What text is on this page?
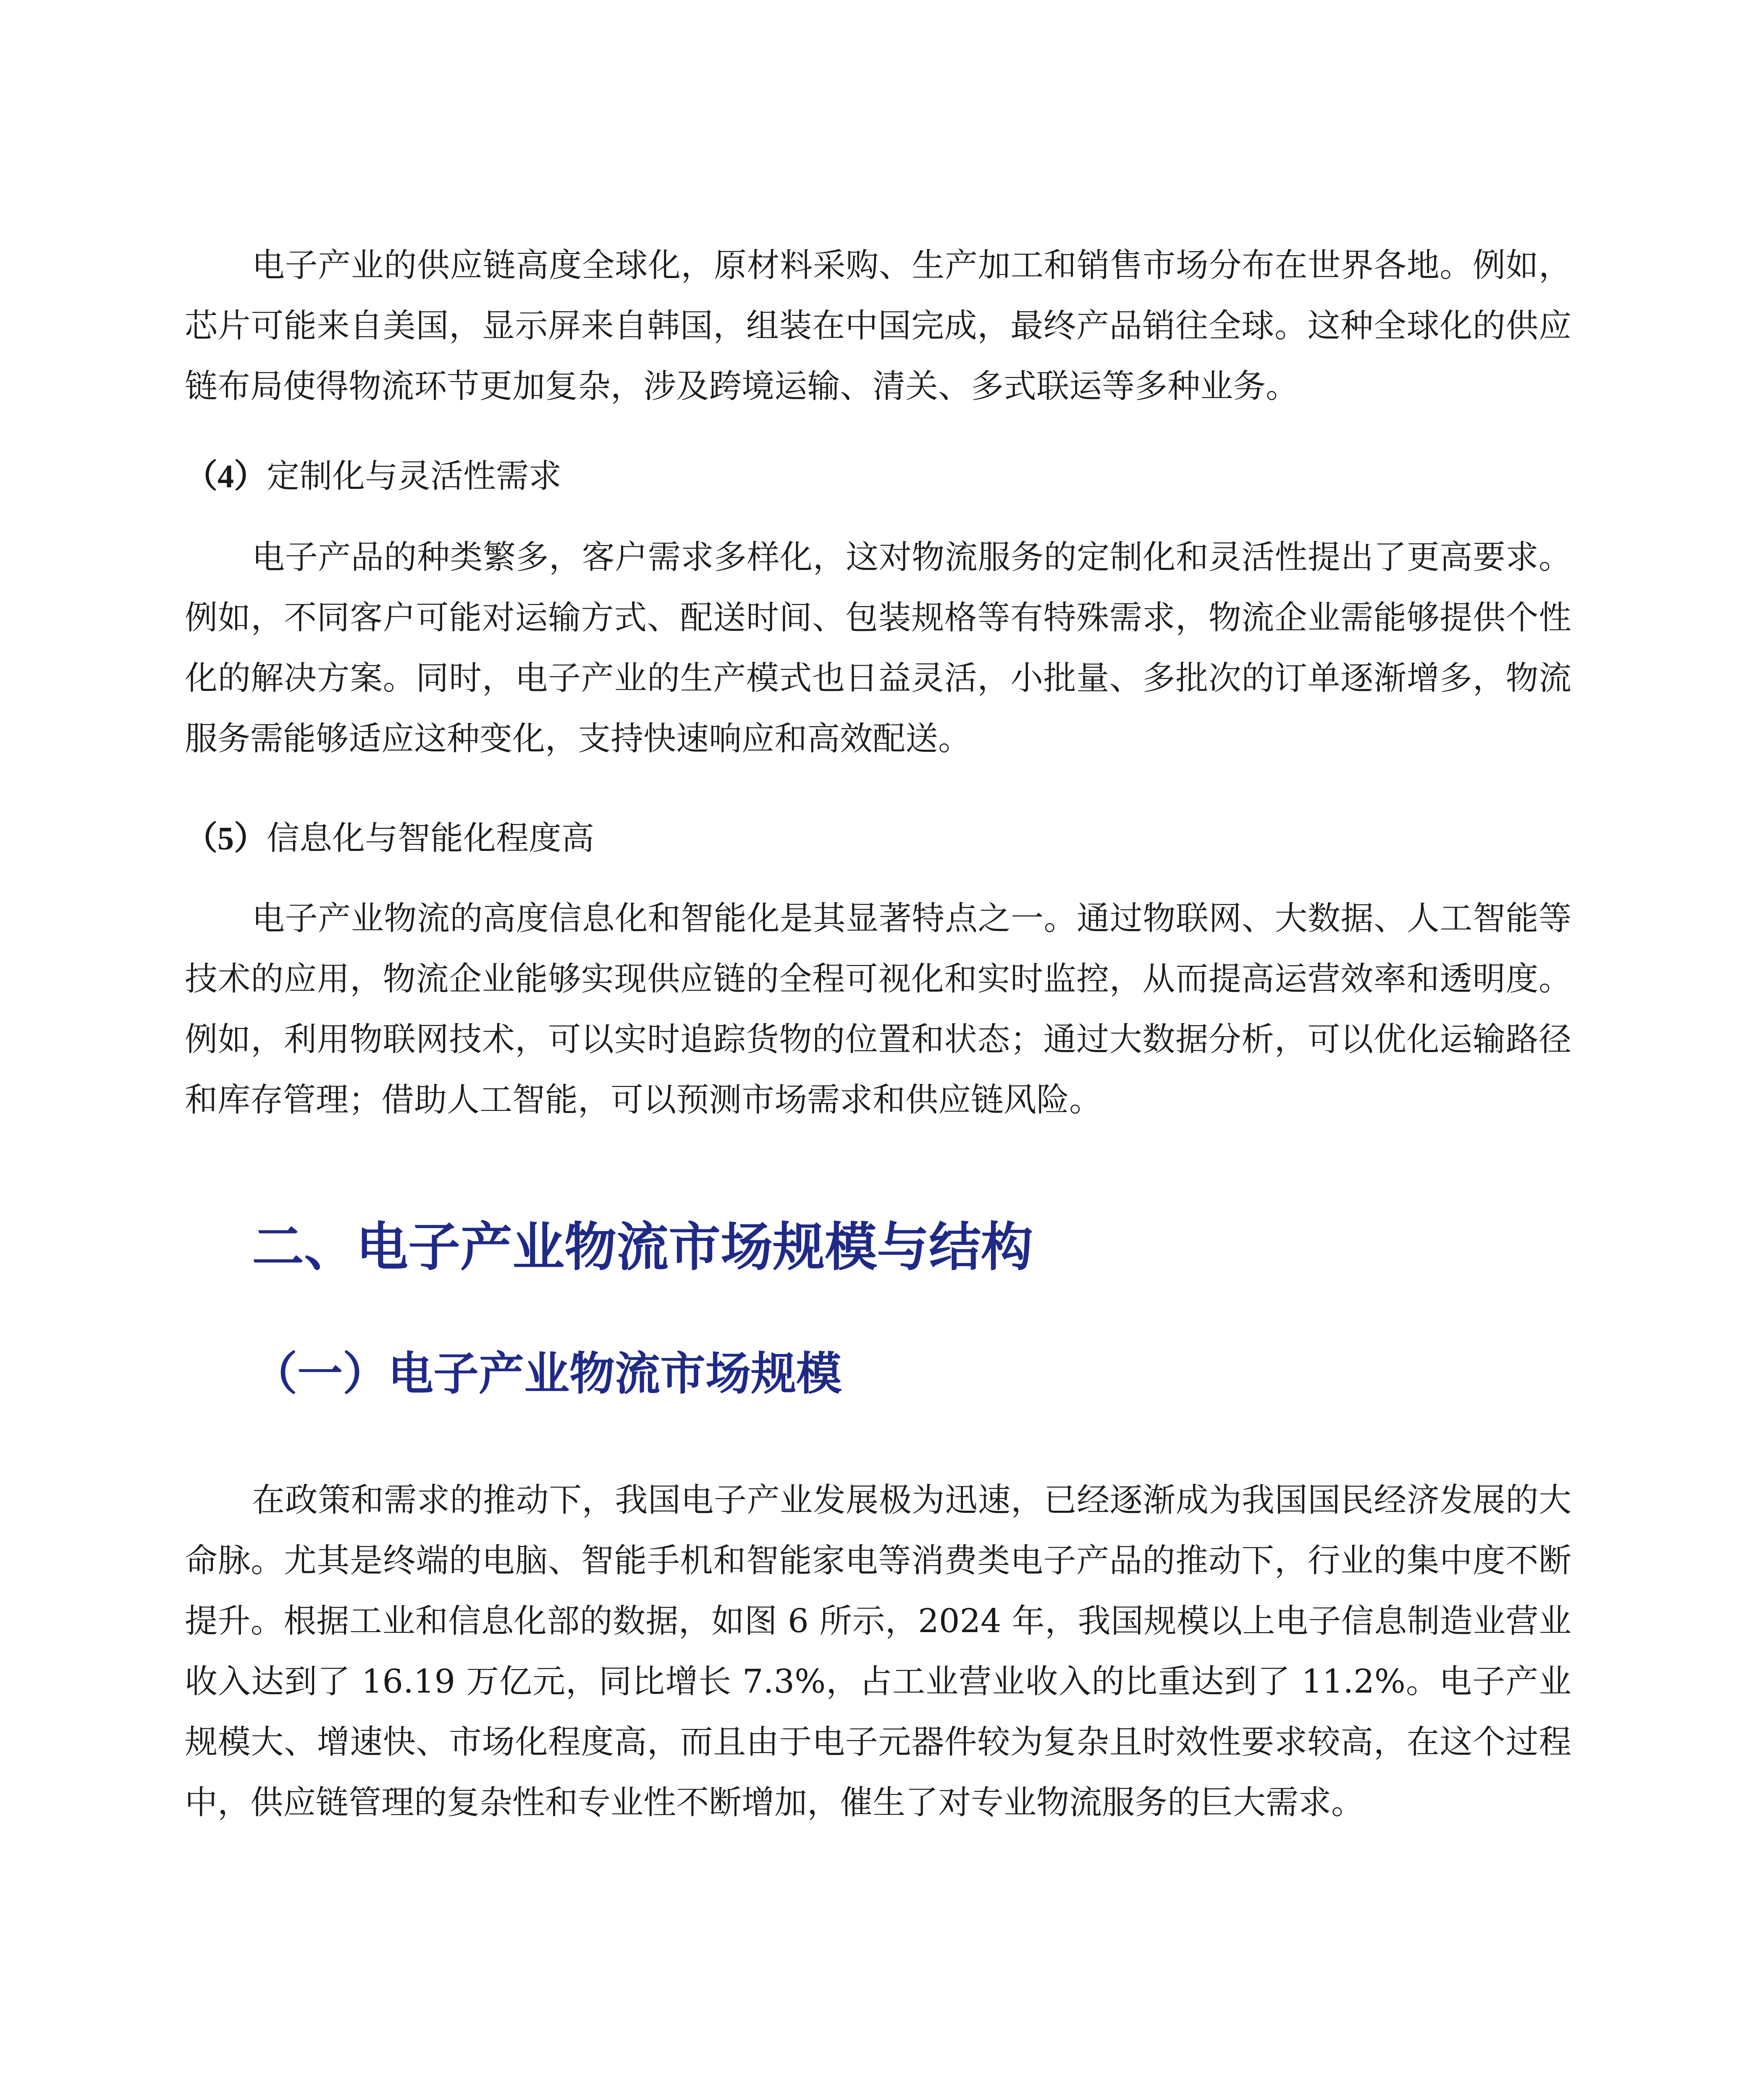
电子产业的供应链高度全球化，原材料采购、生产加工和销售市场分布在世界各地。例如，芯片可能来自美国，显示屏来自韩国，组装在中国完成，最终产品销往全球。这种全球化的供应链布局使得物流环节更加复杂，涉及跨境运输、清关、多式联运等多种业务。

（4）定制化与灵活性需求

电子产品的种类繁多，客户需求多样化，这对物流服务的定制化和灵活性提出了更高要求。例如，不同客户可能对运输方式、配送时间、包装规格等有特殊需求，物流企业需能够提供个性化的解决方案。同时，电子产业的生产模式也日益灵活，小批量、多批次的订单逐渐增多，物流服务需能够适应这种变化，支持快速响应和高效配送。

（5）信息化与智能化程度高

电子产业物流的高度信息化和智能化是其显著特点之一。通过物联网、大数据、人工智能等技术的应用，物流企业能够实现供应链的全程可视化和实时监控，从而提高运营效率和透明度。例如，利用物联网技术，可以实时追踪货物的位置和状态；通过大数据分析，可以优化运输路径和库存管理；借助人工智能，可以预测市场需求和供应链风险。

二、电子产业物流市场规模与结构
（一）电子产业物流市场规模

在政策和需求的推动下，我国电子产业发展极为迅速，已经逐渐成为我国国民经济发展的大命脉。尤其是终端的电脑、智能手机和智能家电等消费类电子产品的推动下，行业的集中度不断提升。根据工业和信息化部的数据，如图 6 所示，2024 年，我国规模以上电子信息制造业营业收入达到了 16.19 万亿元，同比增长 7.3%，占工业营业收入的比重达到了 11.2%。电子产业规模大、增速快、市场化程度高，而且由于电子元器件较为复杂且时效性要求较高，在这个过程中，供应链管理的复杂性和专业性不断增加，催生了对专业物流服务的巨大需求。
